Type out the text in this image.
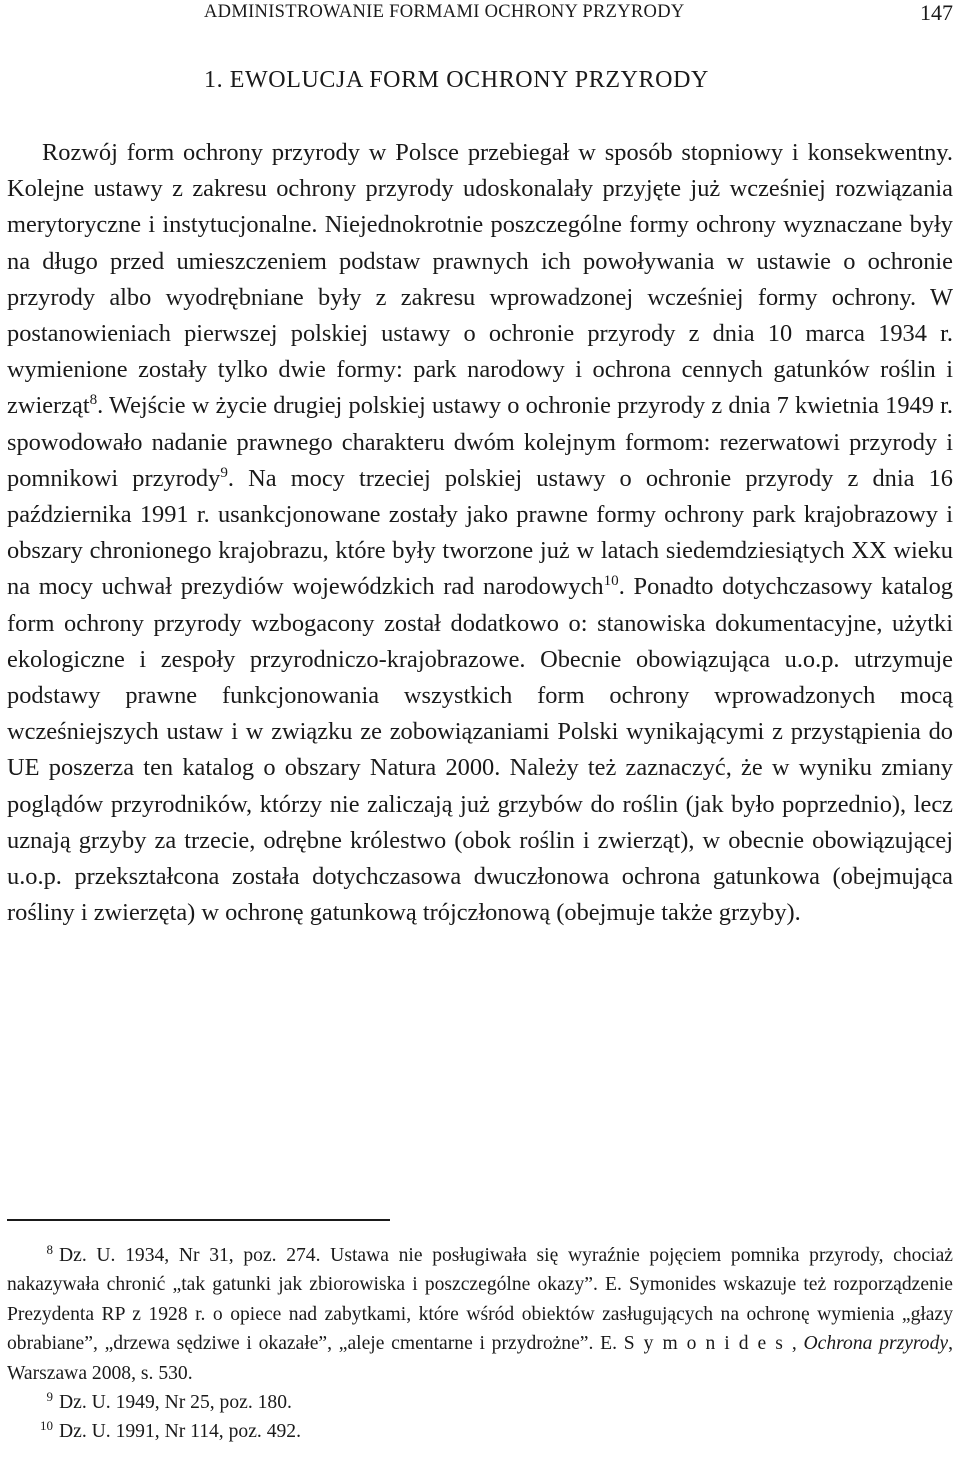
ADMINISTROWANIE FORMAMI OCHRONY PRZYRODY	147
1. EWOLUCJA FORM OCHRONY PRZYRODY

Rozwój form ochrony przyrody w Polsce przebiegał w sposób stopniowy i konsekwentny. Kolejne ustawy z zakresu ochrony przyrody udoskonalały przyjęte już wcześniej rozwiązania merytoryczne i instytucjonalne. Niejednokrotnie poszczególne formy ochrony wyznaczane były na długo przed umieszczeniem podstaw prawnych ich powoływania w ustawie o ochronie przyrody albo wyodrębniane były z zakresu wprowadzonej wcześniej formy ochrony. W postanowieniach pierwszej polskiej ustawy o ochronie przyrody z dnia 10 marca 1934 r. wymienione zostały tylko dwie formy: park narodowy i ochrona cennych gatunków roślin i zwierząt$^8$. Wejście w życie drugiej polskiej ustawy o ochronie przyrody z dnia 7 kwietnia 1949 r. spowodowało nadanie prawnego charakteru dwóm kolejnym formom: rezerwatowi przyrody i pomnikowi przyrody$^9$. Na mocy trzeciej polskiej ustawy o ochronie przyrody z dnia 16 października 1991 r. usankcjonowane zostały jako prawne formy ochrony park krajobrazowy i obszary chronionego krajobrazu, które były tworzone już w latach siedemdziesiątych XX wieku na mocy uchwał prezydiów wojewódzkich rad narodowych$^{10}$. Ponadto dotychczasowy katalog form ochrony przyrody wzbogacony został dodatkowo o: stanowiska dokumentacyjne, użytki ekologiczne i zespoły przyrodniczo-krajobrazowe. Obecnie obowiązująca u.o.p. utrzymuje podstawy prawne funkcjonowania wszystkich form ochrony wprowadzonych mocą wcześniejszych ustaw i w związku ze zobowiązaniami Polski wynikającymi z przystąpienia do UE poszerza ten katalog o obszary Natura 2000. Należy też zaznaczyć, że w wyniku zmiany poglądów przyrodników, którzy nie zaliczają już grzybów do roślin (jak było poprzednio), lecz uznają grzyby za trzecie, odrębne królestwo (obok roślin i zwierząt), w obecnie obowiązującej u.o.p. przekształcona została dotychczasowa dwuczłonowa ochrona gatunkowa (obejmująca rośliny i zwierzęta) w ochronę gatunkową trójczłonową (obejmuje także grzyby).

8 Dz. U. 1934, Nr 31, poz. 274. Ustawa nie posługiwała się wyraźnie pojęciem pomnika przyrody, chociaż nakazywała chronić „tak gatunki jak zbiorowiska i poszczególne okazy”. E. Symonides wskazuje też rozporządzenie Prezydenta RP z 1928 r. o opiece nad zabytkami, które wśród obiektów zasługujących na ochronę wymienia „głazy obrabiane”, „drzewa sędziwe i okazałe”, „aleje cmentarne i przydrożne”. E. Symonides, Ochrona przyrody, Warszawa 2008, s. 530.

9 Dz. U. 1949, Nr 25, poz. 180.

10 Dz. U. 1991, Nr 114, poz. 492.
